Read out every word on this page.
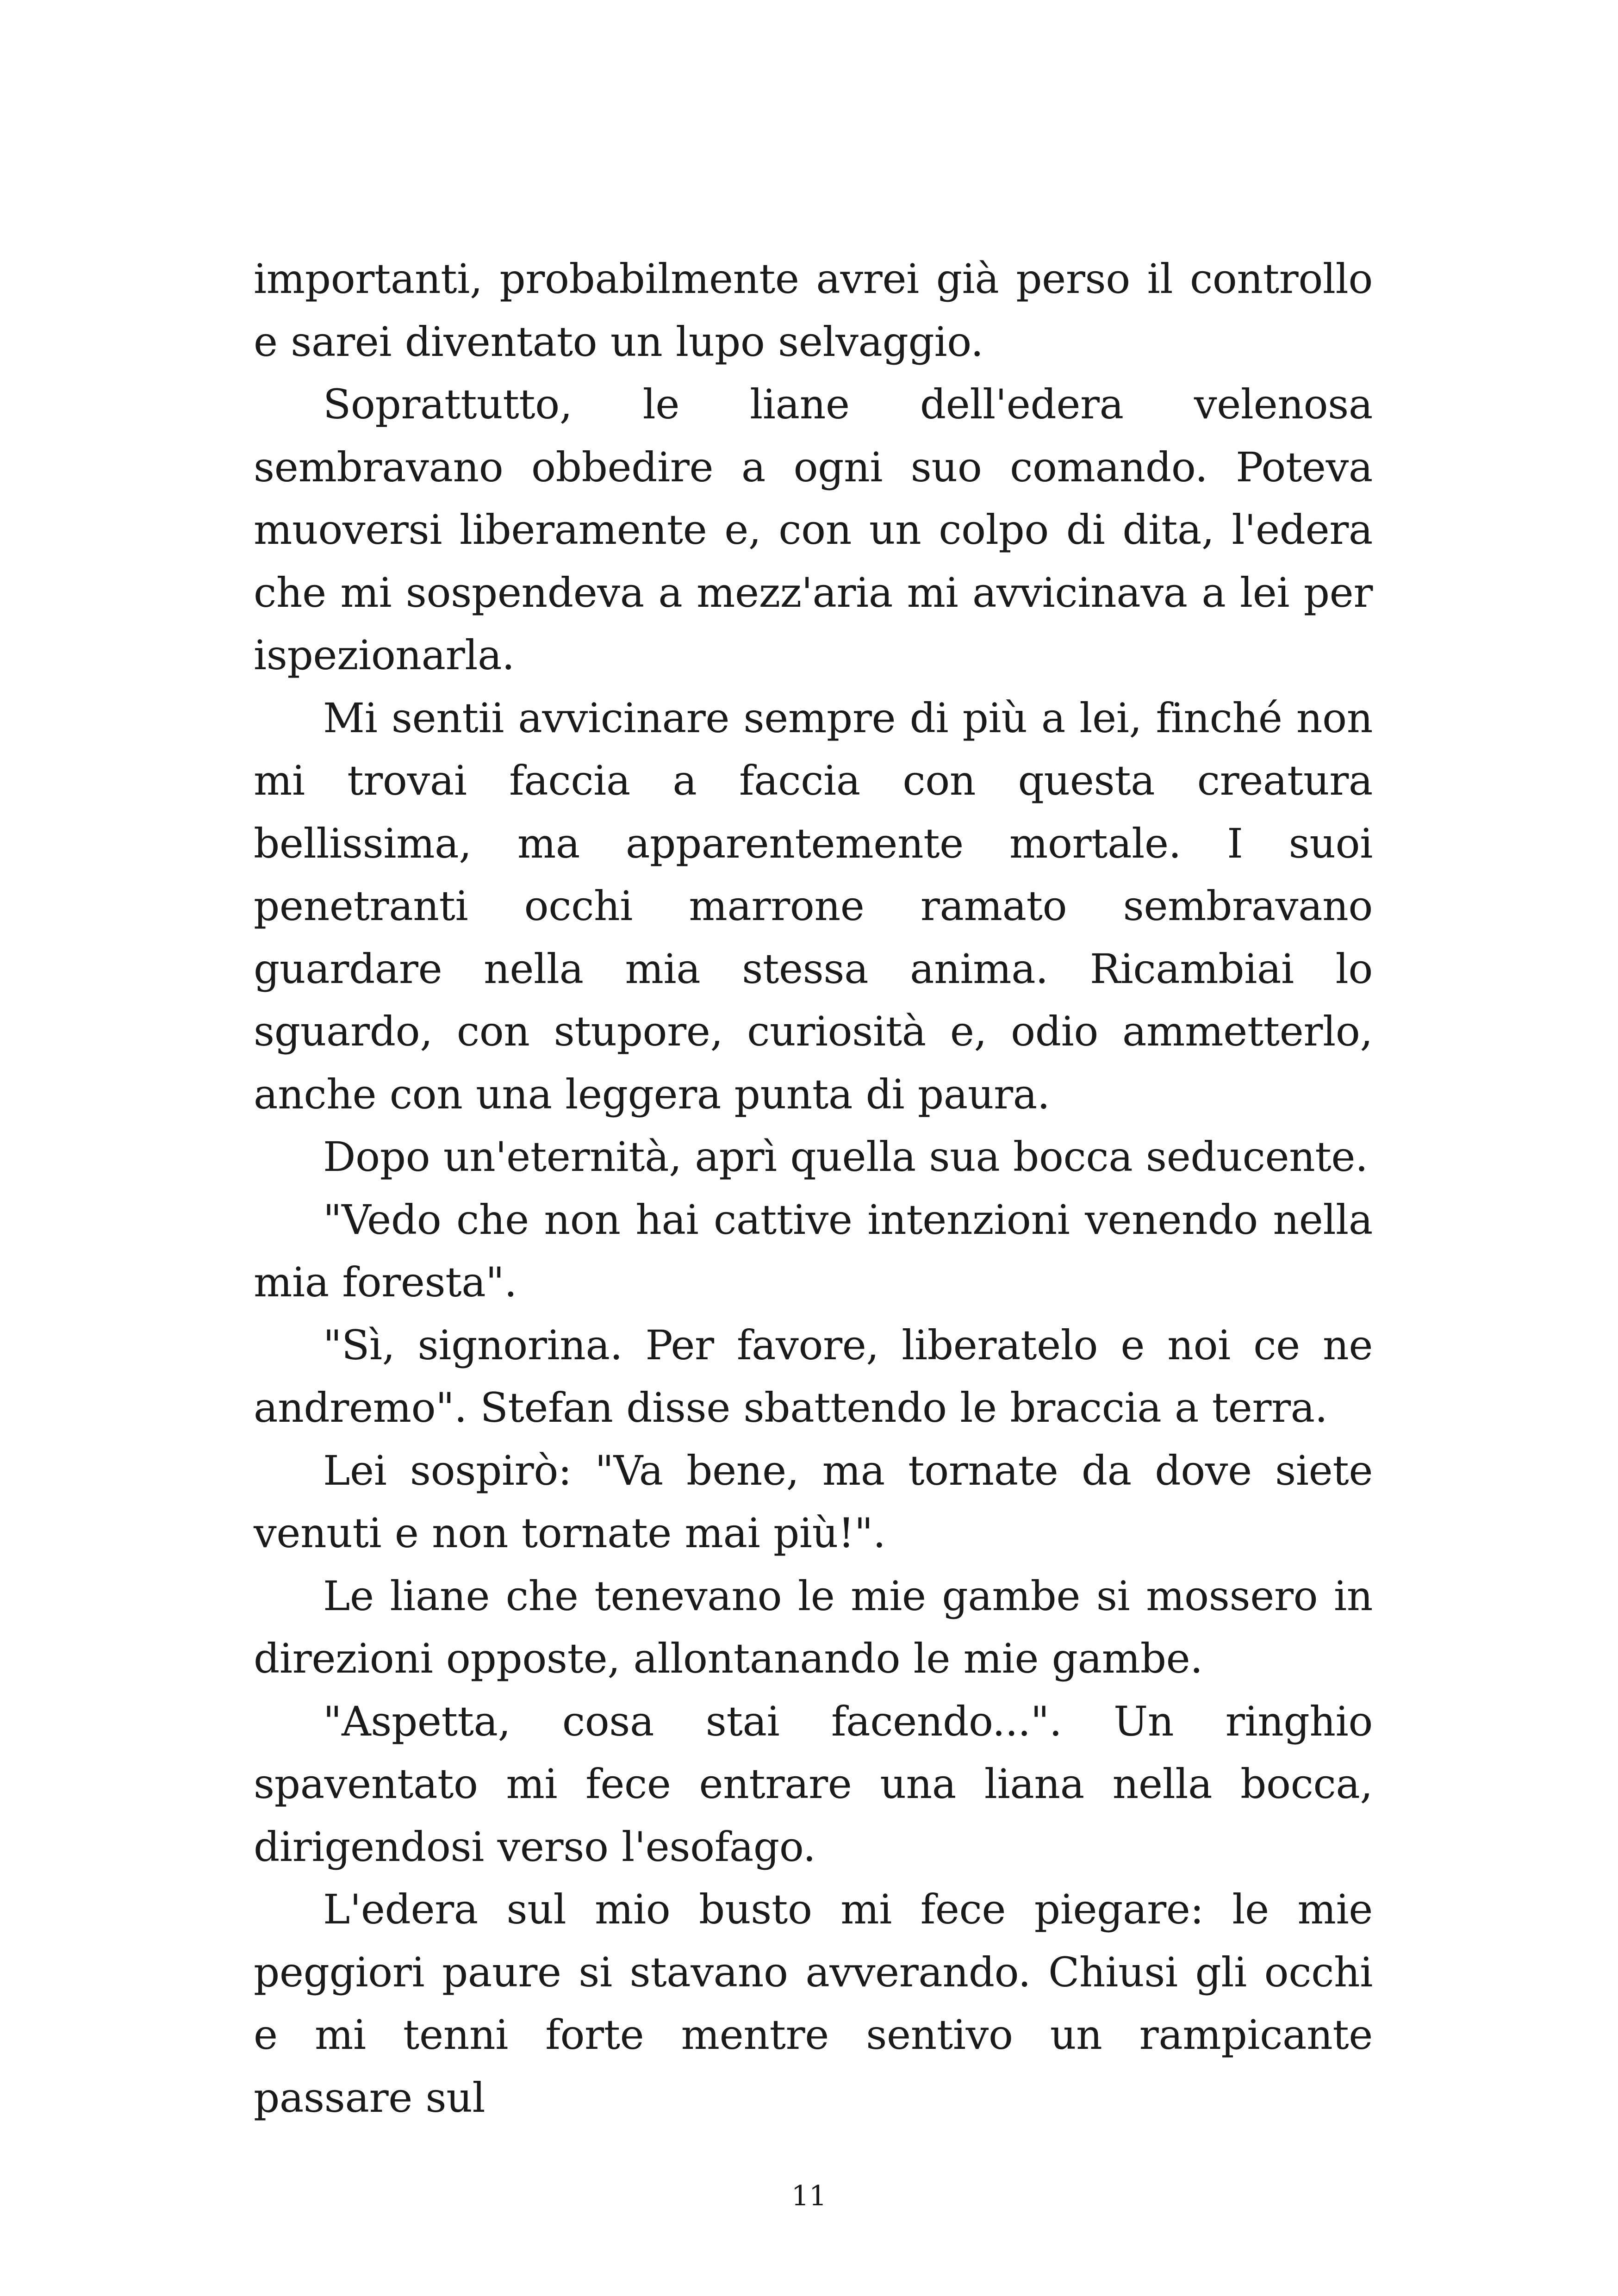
importanti, probabilmente avrei già perso il controllo e sarei diventato un lupo selvaggio.

Soprattutto, le liane dell'edera velenosa sembravano obbedire a ogni suo comando. Poteva muoversi liberamente e, con un colpo di dita, l'edera che mi sospendeva a mezz'aria mi avvicinava a lei per ispezionarla.

Mi sentii avvicinare sempre di più a lei, finché non mi trovai faccia a faccia con questa creatura bellissima, ma apparentemente mortale. I suoi penetranti occhi marrone ramato sembravano guardare nella mia stessa anima. Ricambiai lo sguardo, con stupore, curiosità e, odio ammetterlo, anche con una leggera punta di paura.

Dopo un'eternità, aprì quella sua bocca seducente.

"Vedo che non hai cattive intenzioni venendo nella mia foresta".

"Sì, signorina. Per favore, liberatelo e noi ce ne andremo". Stefan disse sbattendo le braccia a terra.

Lei sospirò: "Va bene, ma tornate da dove siete venuti e non tornate mai più!".

Le liane che tenevano le mie gambe si mossero in direzioni opposte, allontanando le mie gambe.

"Aspetta, cosa stai facendo...". Un ringhio spaventato mi fece entrare una liana nella bocca, dirigendosi verso l'esofago.

L'edera sul mio busto mi fece piegare: le mie peggiori paure si stavano avverando. Chiusi gli occhi e mi tenni forte mentre sentivo un rampicante passare sul

11
